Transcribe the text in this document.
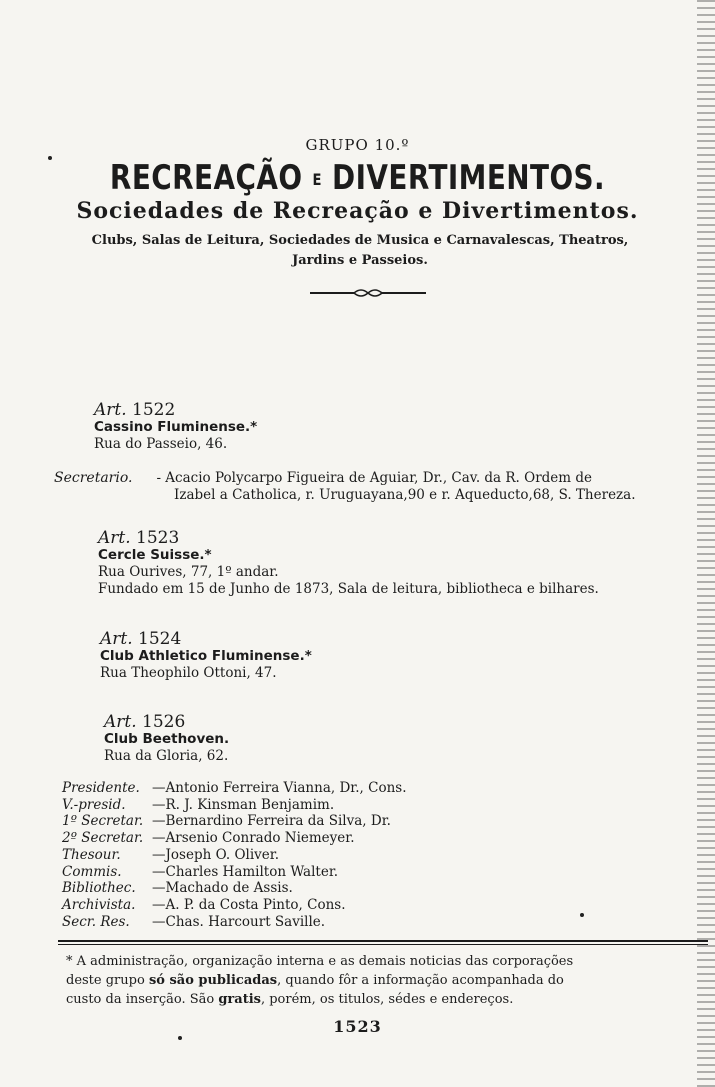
GRUPO 10.º
RECREAÇÃO E DIVERTIMENTOS.
Sociedades de Recreação e Divertimentos.
Clubs, Salas de Leitura, Sociedades de Musica e Carnavalescas, Theatros,
Jardins e Passeios.
Art. 1522
Cassino Fluminense.*
Rua do Passeio, 46.
Secretario. - Acacio Polycarpo Figueira de Aguiar, Dr., Cav. da R. Ordem de
Izabel a Catholica, r. Uruguayana,90 e r. Aqueducto,68, S. Thereza.
Art. 1523
Cercle Suisse.*
Rua Ourives, 77, 1º andar.
Fundado em 15 de Junho de 1873, Sala de leitura, bibliotheca e bilhares.
Art. 1524
Club Athletico Fluminense.*
Rua Theophilo Ottoni, 47.
Art. 1526
Club Beethoven.
Rua da Gloria, 62.
Presidente. —Antonio Ferreira Vianna, Dr., Cons.
V.-presid. —R. J. Kinsman Benjamim.
1º Secretar. —Bernardino Ferreira da Silva, Dr.
2º Secretar. —Arsenio Conrado Niemeyer.
Thesour. —Joseph O. Oliver.
Commis. —Charles Hamilton Walter.
Bibliothec. —Machado de Assis.
Archivista. —A. P. da Costa Pinto, Cons.
Secr. Res. —Chas. Harcourt Saville.
* A administração, organização interna e as demais noticias das corporações
deste grupo só são publicadas, quando fôr a informação acompanhada do
custo da inserção. São gratis, porém, os titulos, sédes e endereços.
1523
